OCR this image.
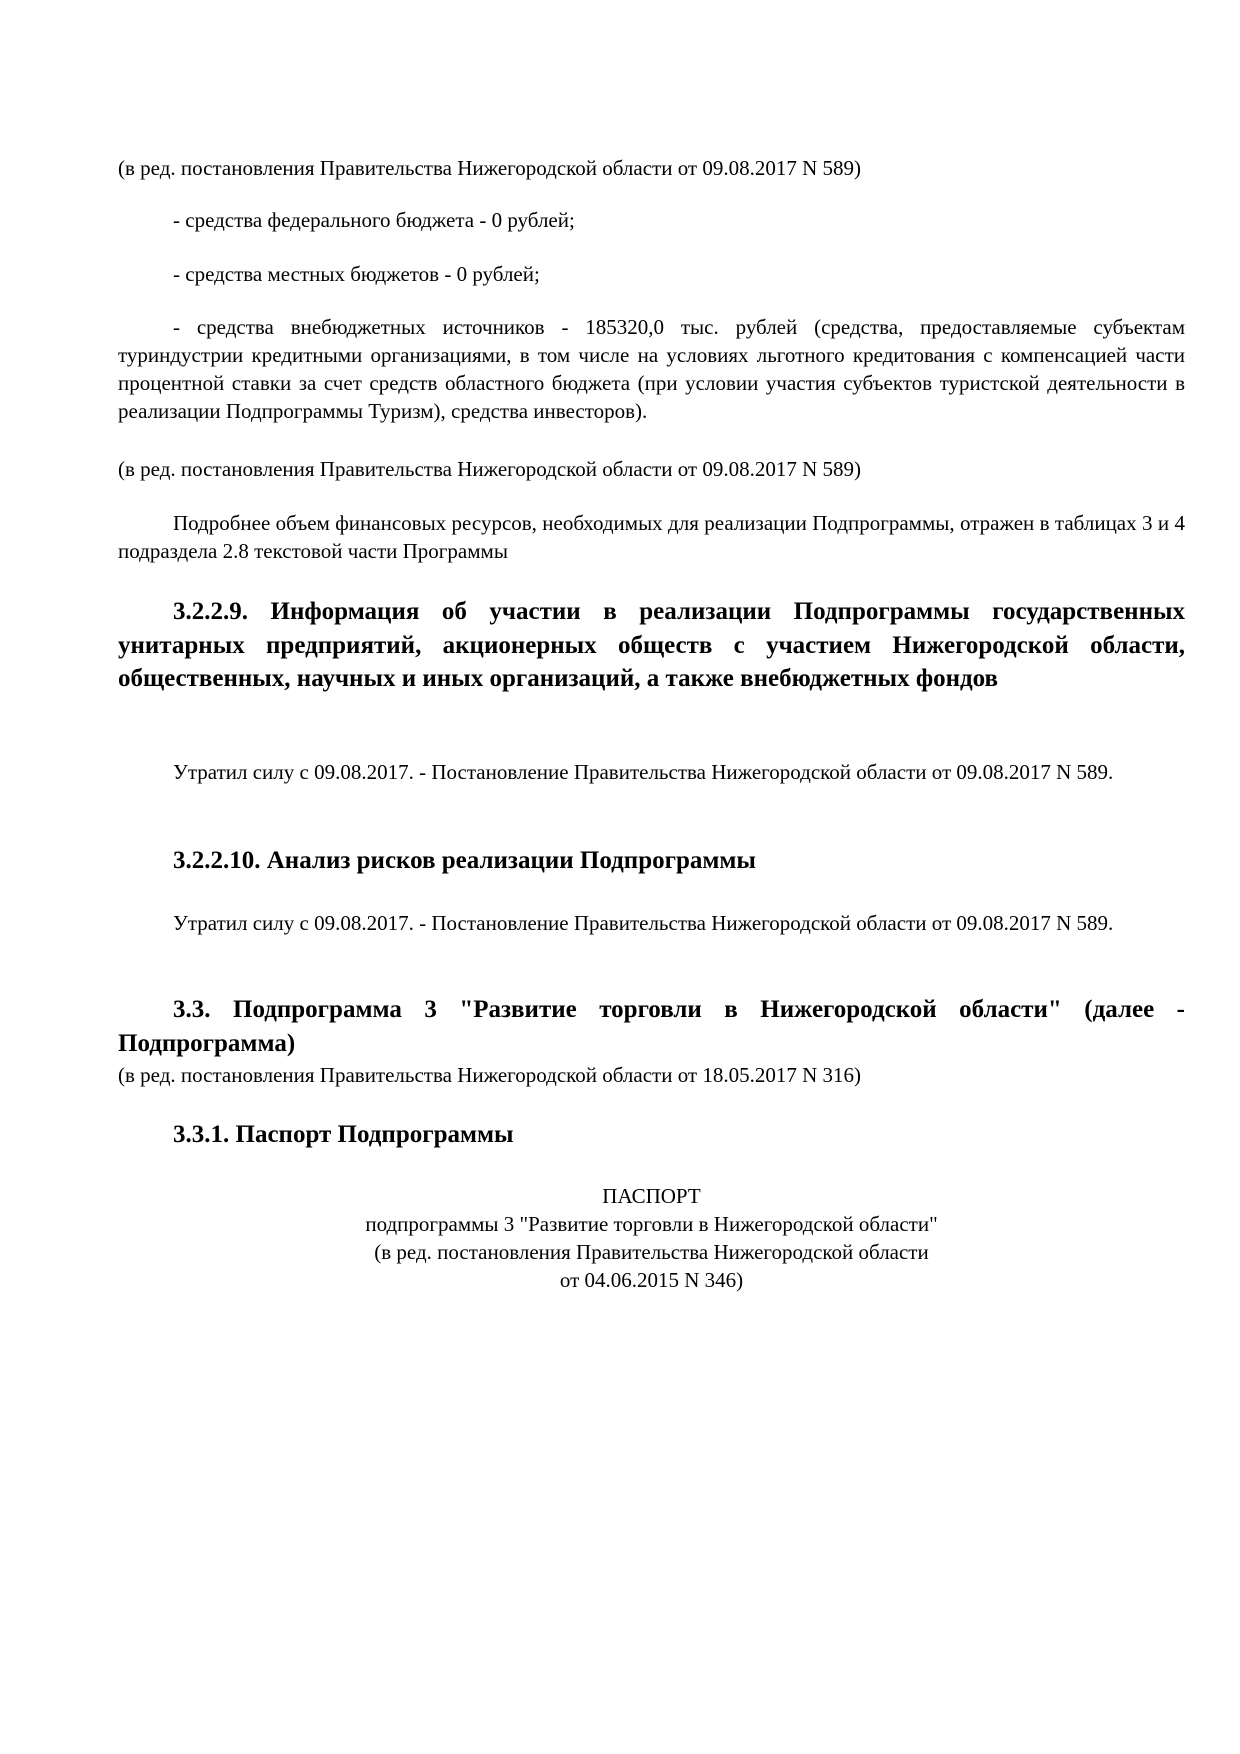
(в ред. постановления Правительства Нижегородской области от 09.08.2017 N 589)

- средства федерального бюджета - 0 рублей;

- средства местных бюджетов - 0 рублей;

- средства внебюджетных источников - 185320,0 тыс. рублей (средства, предоставляемые субъектам туриндустрии кредитными организациями, в том числе на условиях льготного кредитования с компенсацией части процентной ставки за счет средств областного бюджета (при условии участия субъектов туристской деятельности в реализации Подпрограммы Туризм), средства инвесторов).

(в ред. постановления Правительства Нижегородской области от 09.08.2017 N 589)

Подробнее объем финансовых ресурсов, необходимых для реализации Подпрограммы, отражен в таблицах 3 и 4 подраздела 2.8 текстовой части Программы

3.2.2.9. Информация об участии в реализации Подпрограммы государственных унитарных предприятий, акционерных обществ с участием Нижегородской области, общественных, научных и иных организаций, а также внебюджетных фондов

Утратил силу с 09.08.2017. - Постановление Правительства Нижегородской области от 09.08.2017 N 589.

3.2.2.10. Анализ рисков реализации Подпрограммы

Утратил силу с 09.08.2017. - Постановление Правительства Нижегородской области от 09.08.2017 N 589.

3.3. Подпрограмма 3 "Развитие торговли в Нижегородской области" (далее - Подпрограмма)

(в ред. постановления Правительства Нижегородской области от 18.05.2017 N 316)

3.3.1. Паспорт Подпрограммы
ПАСПОРТ
подпрограммы 3 "Развитие торговли в Нижегородской области"
(в ред. постановления Правительства Нижегородской области
от 04.06.2015 N 346)
